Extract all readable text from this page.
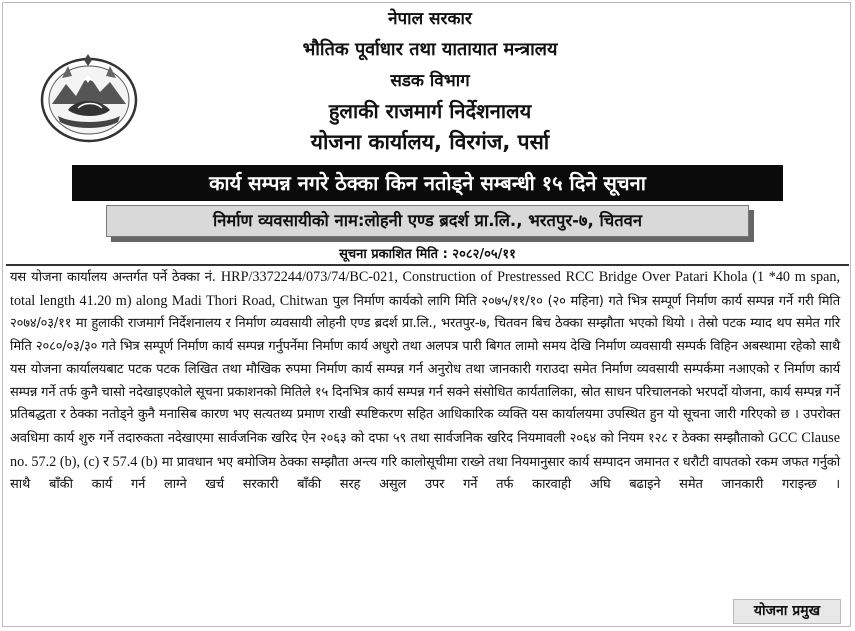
नेपाल सरकार
भौतिक पूर्वाधार तथा यातायात मन्त्रालय
सडक विभाग
हुलाकी राजमार्ग निर्देशनालय
योजना कार्यालय, विरगंज, पर्सा
कार्य सम्पन्न नगरे ठेक्का किन नतोड्ने सम्बन्धी १५ दिने सूचना
निर्माण व्यवसायीको नाम:लोहनी एण्ड ब्रदर्श प्रा.लि., भरतपुर-७, चितवन
सूचना प्रकाशित मिति : २०८२/०५/११
यस योजना कार्यालय अन्तर्गत पर्ने ठेक्का नं. HRP/3372244/073/74/BC-021, Construction of Prestressed RCC Bridge Over Patari Khola (1 *40 m span, total length 41.20 m) along Madi Thori Road, Chitwan पुल निर्माण कार्यको लागि मिति २०७५/११/१० (२० महिना) गते भित्र सम्पूर्ण निर्माण कार्य सम्पन्न गर्ने गरी मिति २०७४/०३/११ मा हुलाकी राजमार्ग निर्देशनालय र निर्माण व्यवसायी लोहनी एण्ड ब्रदर्श प्रा.लि., भरतपुर-७, चितवन बिच ठेक्का सम्झौता भएको थियो । तेस्रो पटक म्याद थप समेत गरि मिति २०८०/०३/३० गते भित्र सम्पूर्ण निर्माण कार्य सम्पन्न गर्नुपर्नेमा निर्माण कार्य अधुरो तथा अलपत्र पारी बिगत लामो समय देखि निर्माण व्यवसायी सम्पर्क विहिन अबस्थामा रहेको साथै यस योजना कार्यालयबाट पटक पटक लिखित तथा मौखिक रुपमा निर्माण कार्य सम्पन्न गर्न अनुरोध तथा जानकारी गराउदा समेत निर्माण व्यवसायी सम्पर्कमा नआएको र निर्माण कार्य सम्पन्न गर्ने तर्फ कुनै चासो नदेखाइएकोले सूचना प्रकाशनको मितिले १५ दिनभित्र कार्य सम्पन्न गर्न सक्ने संसोधित कार्यतालिका, स्रोत साधन परिचालनको भरपर्दो योजना, कार्य सम्पन्न गर्ने प्रतिबद्धता र ठेक्का नतोड्ने कुनै मनासिब कारण भए सत्यतथ्य प्रमाण राखी स्पष्टिकरण सहित आधिकारिक व्यक्ति यस कार्यालयमा उपस्थित हुन यो सूचना जारी गरिएको छ । उपरोक्त अवधिमा कार्य शुरु गर्ने तदारुकता नदेखाएमा सार्वजनिक खरिद ऐन २०६३ को दफा ५९ तथा सार्वजनिक खरिद नियमावली २०६४ को नियम १२८ र ठेक्का सम्झौताको GCC Clause no. 57.2 (b), (c) र 57.4 (b) मा प्रावधान भए बमोजिम ठेक्का सम्झौता अन्त्य गरि कालोसूचीमा राख्ने तथा नियमानुसार कार्य सम्पादन जमानत र धरौटी वापतको रकम जफत गर्नुको साथै बाँकी कार्य गर्न लाग्ने खर्च सरकारी बाँकी सरह असुल उपर गर्ने तर्फ कारवाही अघि बढाइने समेत जानकारी गराइन्छ ।
योजना प्रमुख
